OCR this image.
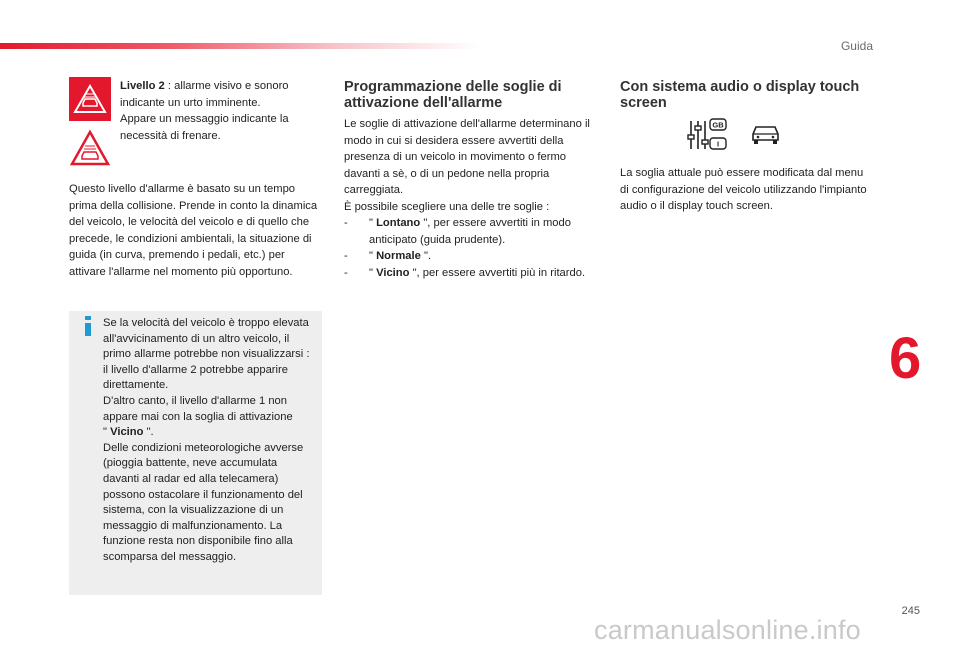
Guida
Livello 2 : allarme visivo e sonoro indicante un urto imminente.
Appare un messaggio indicante la necessità di frenare.

Questo livello d'allarme è basato su un tempo prima della collisione. Prende in conto la dinamica del veicolo, le velocità del veicolo e di quello che precede, le condizioni ambientali, la situazione di guida (in curva, premendo i pedali, etc.) per attivare l'allarme nel momento più opportuno.

Se la velocità del veicolo è troppo elevata all'avvicinamento di un altro veicolo, il primo allarme potrebbe non visualizzarsi : il livello d'allarme 2 potrebbe apparire direttamente.
D'altro canto, il livello d'allarme 1 non appare mai con la soglia di attivazione
" Vicino ".
Delle condizioni meteorologiche avverse (pioggia battente, neve accumulata davanti al radar ed alla telecamera) possono ostacolare il funzionamento del sistema, con la visualizzazione di un messaggio di malfunzionamento. La funzione resta non disponibile fino alla scomparsa del messaggio.
Programmazione delle soglie di attivazione dell'allarme
Le soglie di attivazione dell'allarme determinano il modo in cui si desidera essere avvertiti della presenza di un veicolo in movimento o fermo davanti a sè, o di un pedone nella propria carreggiata.
È possibile scegliere una delle tre soglie :
- " Lontano ", per essere avvertiti in modo anticipato (guida prudente).
- " Normale ".
- " Vicino ", per essere avvertiti più in ritardo.
Con sistema audio o display touch screen
GB
I

La soglia attuale può essere modificata dal menu di configurazione del veicolo utilizzando l'impianto audio o il display touch screen.

6
245
carmanualsonline.info
